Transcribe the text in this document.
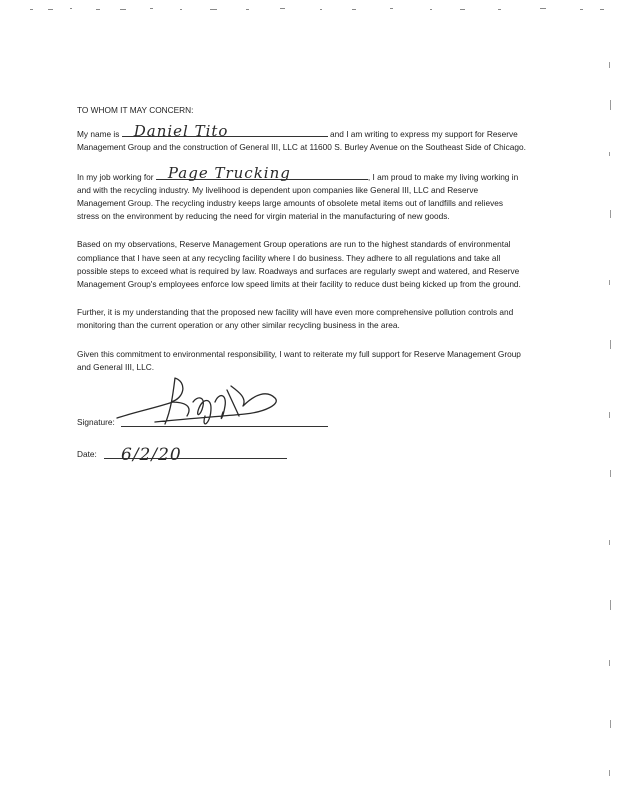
TO WHOM IT MAY CONCERN:

My name is Daniel Tito	and I am writing to express my support for Reserve Management Group and the construction of General III, LLC at 11600 S. Burley Avenue on the Southeast Side of Chicago.

In my job working for Page Trucking	, I am proud to make my living working in and with the recycling industry. My livelihood is dependent upon companies like General III, LLC and Reserve Management Group. The recycling industry keeps large amounts of obsolete metal items out of landfills and relieves stress on the environment by reducing the need for virgin material in the manufacturing of new goods.

Based on my observations, Reserve Management Group operations are run to the highest standards of environmental compliance that I have seen at any recycling facility where I do business. They adhere to all regulations and take all possible steps to exceed what is required by law. Roadways and surfaces are regularly swept and watered, and Reserve Management Group's employees enforce low speed limits at their facility to reduce dust being kicked up from the ground.

Further, it is my understanding that the proposed new facility will have even more comprehensive pollution controls and monitoring than the current operation or any other similar recycling business in the area.

Given this commitment to environmental responsibility, I want to reiterate my full support for Reserve Management Group and General III, LLC.

Signature:
Date: 6/2/20
